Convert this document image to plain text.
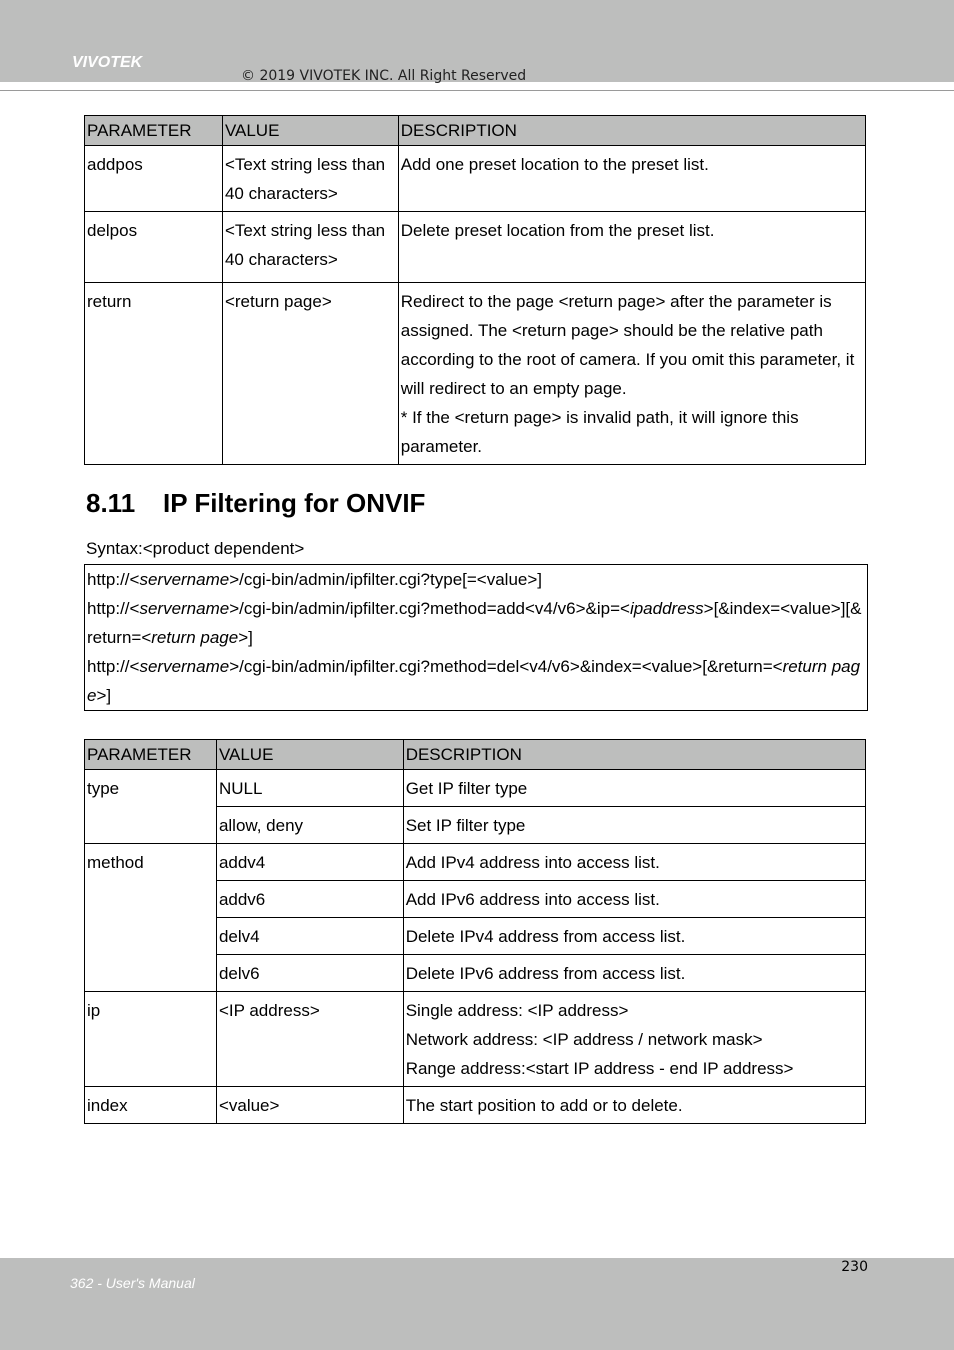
VIVOTEK
© 2019 VIVOTEK INC. All Right Reserved
PARAMETER	VALUE	DESCRIPTION
addpos	<Text string less than 40 characters>	Add one preset location to the preset list.
delpos	<Text string less than 40 characters>	Delete preset location from the preset list.
return	<return page>	Redirect to the page <return page> after the parameter is assigned. The <return page> should be the relative path according to the root of camera. If you omit this parameter, it will redirect to an empty page.
* If the <return page> is invalid path, it will ignore this parameter.
8.11 IP Filtering for ONVIF
Syntax:<product dependent>
http://<servername>/cgi-bin/admin/ipfilter.cgi?type[=<value>]
http://<servername>/cgi-bin/admin/ipfilter.cgi?method=add<v4/v6>&ip=<ipaddress>[&index=<value>][&return=<return page>]
http://<servername>/cgi-bin/admin/ipfilter.cgi?method=del<v4/v6>&index=<value>[&return=<return page>]
PARAMETER	VALUE	DESCRIPTION
type	NULL	Get IP filter type
	allow, deny	Set IP filter type
method	addv4	Add IPv4 address into access list.
	addv6	Add IPv6 address into access list.
	delv4	Delete IPv4 address from access list.
	delv6	Delete IPv6 address from access list.
ip	<IP address>	Single address: <IP address>
Network address: <IP address / network mask>
Range address:<start IP address - end IP address>

index	<value>	The start position to add or to delete.
230
362 - User's Manual
